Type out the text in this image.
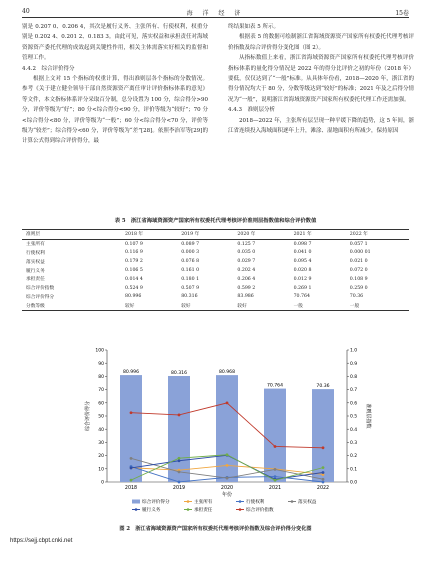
40	海 洋 经 济	15卷

别是 0.207 0、0.206 4，其次是履行义务、主张所有、行使权利，权重分别是 0.202 4、0.201 2、0.183 3。由此可见，落实权益和承担责任对海域资源资产委托代理的成效起到关键性作用，相关主体需落实好相关的监督和管理工作。

4.4.2　综合评价得分

根据上文对 15 个指标的权重计算，得出准则层各个指标的分数情况。参考《关于建立健全领导干部自然资源资产离任审计评价指标体系的意见》等文件，本文指标体系评分采取百分制，总分设置为 100 分，综合得分>90 分，评价等级为“好”；80 分<综合得分<90 分，评价等级为“较好”；70 分<综合得分<80 分，评价等级为“一般”；60 分<综合得分<70 分，评价等级为“较差”；综合得分<60 分，评价等级为“差”[28]。依照李治军等[29]的计算公式得到综合评价得分，最

终结果如表 5 所示。

根据表 5 的数据可绘制浙江省海域资源资产国家所有权委托代理考核评价指数及综合评价得分变化图（图 2）。

从指标数值上来看，浙江省海域资源资产国家所有权委托代理考核评价指标体系的量化得分情况是 2022 年的得分比评价之初的年份（2018 年）要低，仅仅达到了“一般”标准。从具体年份看，2018—2020 年，浙江省的得分情况均大于 80 分，分数等级达到“较好”的标准；2021 年及之后得分情况为“一般”，说明浙江省海域资源资产国家所有权委托代理工作还需加强。

4.4.3　准则层分析

2018—2022 年，主张所有层呈现一种平缓下降的趋势，这 5 年间，浙江省连续投入海域面积逐年上升，滩涂、湿地面积有所减少，保持原因

表 5　浙江省海域资源资产国家所有权委托代理考核评价准则层指数值和综合评价数值
准则层	2018 年	2019 年	2020 年	2021 年	2022 年
主张所有	0.107 9	0.089 7	0.125 7	0.098 7	0.057 1
行使权利	0.116 9	0.000 3	0.035 0	0.041 0	0.000 01
落实权益	0.179 2	0.076 8	0.029 7	0.095 4	0.021 0
履行义务	0.106 5	0.161 0	0.202 4	0.020 8	0.072 0
承担责任	0.014 4	0.180 1	0.206 4	0.012 9	0.108 9
综合评价指数	0.524 9	0.507 9	0.599 2	0.269 1	0.259 0
综合评价得分	80.996	80.316	83.986	70.764	70.36
分数等级	较好	较好	较好	一般	一般
0
10
20
30
40
50
60
70
80
90
100
0.0
0.1
0.2
0.3
0.4
0.5
0.6
0.7
0.8
0.9
1.0
综合评价得分	准则层指数
80.996	80.316	80.968
70.764	70.36
2018	2019	2020	2021	2022
年份
综合评价得分	主张所有	行使权利	落实权益
履行义务	承担责任	综合评价指数
图 2　浙江省海域资源资产国家所有权委托代理考核评价指数及综合评价得分变化图
https://sejj.cbpt.cnki.net
